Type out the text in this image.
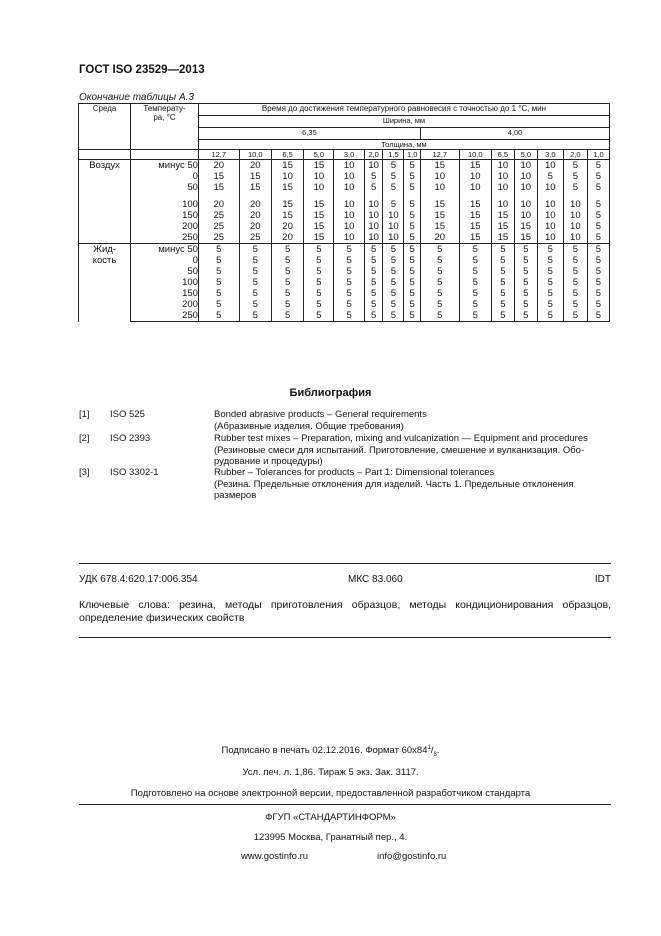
ГОСТ ISO 23529—2013
Окончание таблицы А.3
Среда	Температу-
ра, °С	Время до достижения температурного равновесия с точностью до 1 °С, мин														
		Ширина, мм														
		6,35								4,00						
		Толщина, мм														
		12,7	10,0	6,5	5,0	3,0	2,0	1,5	1,0	12,7	10,0	6,5	5,0	3,0	2,0	1,0
Воздух	минус 50	20	20	15	15	10	10	5	5	15	15	10	10	10	5	5
	0	15	15	10	10	10	5	5	5	10	10	10	10	5	5	5
	50	15	15	15	10	10	5	5	5	10	10	10	10	10	5	5
	100	20	20	15	15	10	10	5	5	15	15	10	10	10	10	5
	150	25	20	15	15	10	10	10	5	15	15	15	10	10	10	5
	200	25	20	20	15	10	10	10	5	15	15	15	15	10	10	5
	250	25	25	20	15	10	10	10	5	20	15	15	15	10	10	5
Жид-
кость	минус 50	5	5	5	5	5	5	5	5	5	5	5	5	5	5	5
	0	5	5	5	5	5	5	5	5	5	5	5	5	5	5	5
	50	5	5	5	5	5	5	5	5	5	5	5	5	5	5	5
	100	5	5	5	5	5	5	5	5	5	5	5	5	5	5	5
	150	5	5	5	5	5	5	5	5	5	5	5	5	5	5	5
	200	5	5	5	5	5	5	5	5	5	5	5	5	5	5	5
	250	5	5	5	5	5	5	5	5	5	5	5	5	5	5	5
Библиография
[1] ISO 525	Bonded abrasive products – General requirements
(Абразивные изделия. Общие требования)
[2] ISO 2393	Rubber test mixes – Preparation, mixing and vulcanization — Equipment and procedures
(Резиновые смеси для испытаний. Приготовление, смешение и вулканизация. Обо-
рудование и процедуры)
[3] ISO 3302-1	Rubber – Tolerances for products – Part 1: Dimensional tolerances
(Резина. Предельные отклонения для изделий. Часть 1. Предельные отклонения
размеров
УДК 678.4:620.17:006.354	МКС 83.060	IDT
Ключевые слова: резина, методы приготовления образцов, методы кондиционирования образцов, определение физических свойств
Подписано в печать 02.12.2016. Формат $60x84^1/_8$.
Усл. печ. л. 1,86. Тираж 5 экз. Зак. 3117.
Подготовлено на основе электронной версии, предоставленной разработчиком стандарта
ФГУП «СТАНДАРТИНФОРМ»
123995 Москва, Гранатный пер., 4.
www.gostinfo.ru	info@gostinfo.ru
